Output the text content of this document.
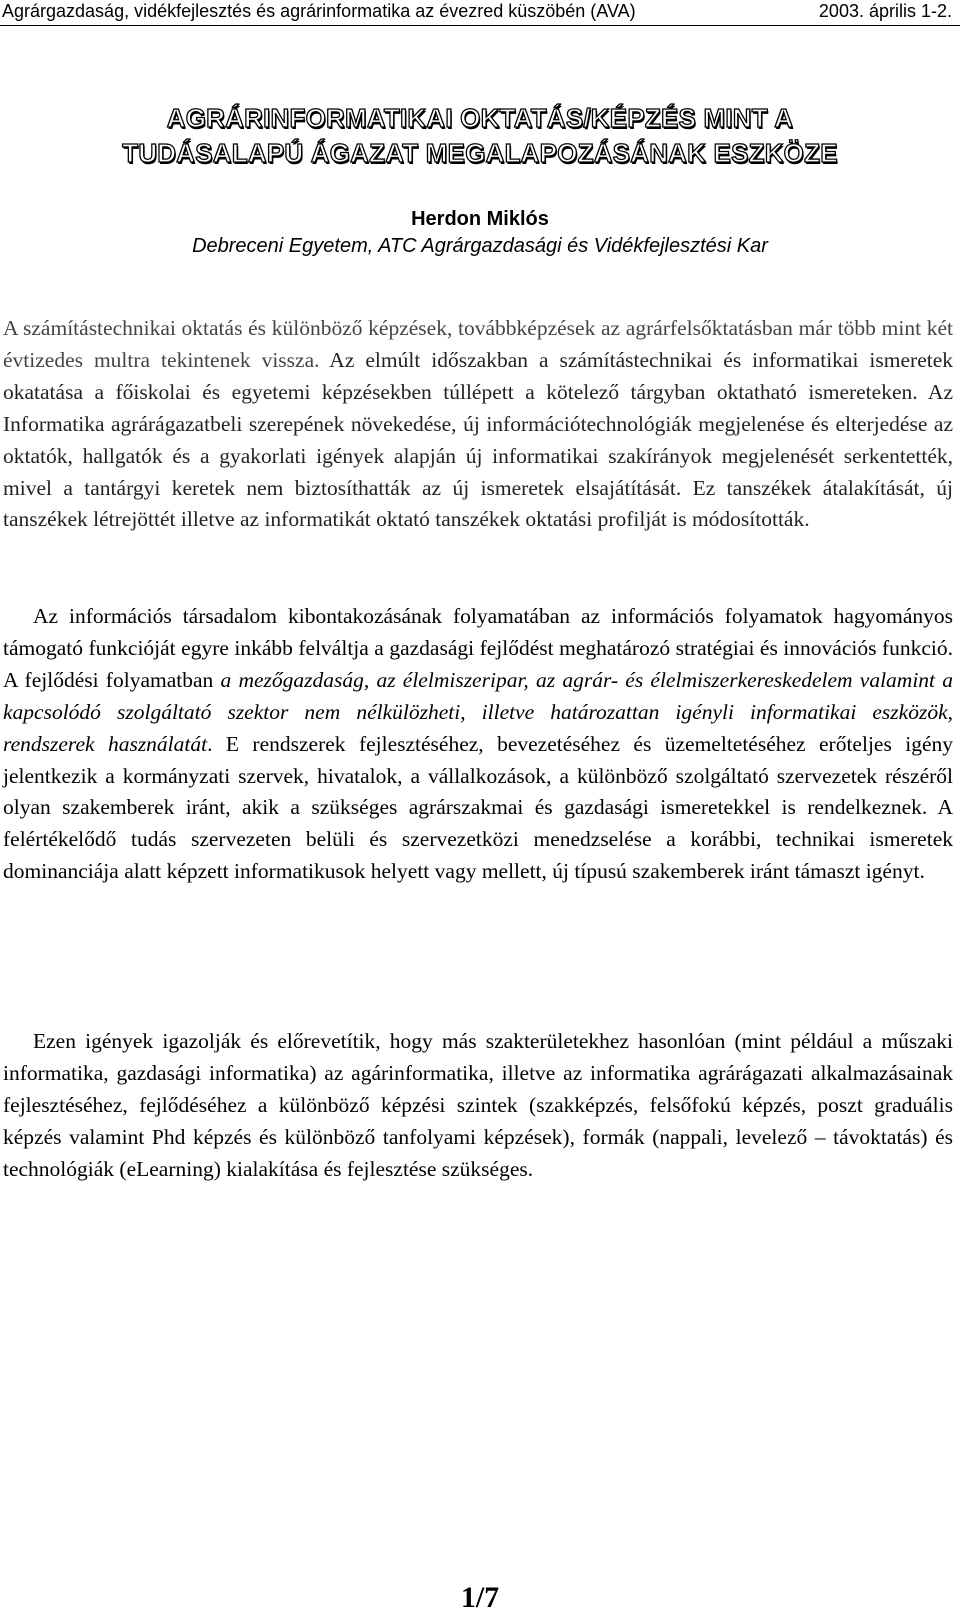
Agrárgazdaság, vidékfejlesztés és agrárinformatika az évezred küszöbén (AVA)	2003. április 1-2.
AGRÁRINFORMATIKAI OKTATÁS/KÉPZÉS MINT A
TUDÁSALAPÚ ÁGAZAT MEGALAPOZÁSÁNAK ESZKÖZE
Herdon Miklós
Debreceni Egyetem, ATC Agrárgazdasági és Vidékfejlesztési Kar

A számítástechnikai oktatás és különböző képzések, továbbképzések az agrárfelsőktatásban már több mint két évtizedes multra tekintenek vissza. Az elmúlt időszakban a számítástechnikai és informatikai ismeretek okatatása a főiskolai és egyetemi képzésekben túllépett a kötelező tárgyban oktatható ismereteken. Az Informatika agrárágazatbeli szerepének növekedése, új információtechnológiák megjelenése és elterjedése az oktatók, hallgatók és a gyakorlati igények alapján új informatikai szakírányok megjelenését serkentették, mivel a tantárgyi keretek nem biztosíthatták az új ismeretek elsajátítását. Ez tanszékek átalakítását, új tanszékek létrejöttét illetve az informatikát oktató tanszékek oktatási profilját is módosították.

Az információs társadalom kibontakozásának folyamatában az információs folyamatok hagyományos támogató funkcióját egyre inkább felváltja a gazdasági fejlődést meghatározó stratégiai és innovációs funkció. A fejlődési folyamatban a mezőgazdaság, az élelmiszeripar, az agrár- és élelmiszerkereskedelem valamint a kapcsolódó szolgáltató szektor nem nélkülözheti, illetve határozattan igényli informatikai eszközök, rendszerek használatát. E rendszerek fejlesztéséhez, bevezetéséhez és üzemeltetéséhez erőteljes igény jelentkezik a kormányzati szervek, hivatalok, a vállalkozások, a különböző szolgáltató szervezetek részéről olyan szakemberek iránt, akik a szükséges agrárszakmai és gazdasági ismeretekkel is rendelkeznek. A felértékelődő tudás szervezeten belüli és szervezetközi menedzselése a korábbi, technikai ismeretek dominanciája alatt képzett informatikusok helyett vagy mellett, új típusú szakemberek iránt támaszt igényt.

Ezen igények igazolják és előrevetítik, hogy más szakterületekhez hasonlóan (mint például a műszaki informatika, gazdasági informatika) az agárinformatika, illetve az informatika agrárágazati alkalmazásainak fejlesztéséhez, fejlődéséhez a különböző képzési szintek (szakképzés, felsőfokú képzés, poszt graduális képzés valamint Phd képzés és különböző tanfolyami képzések), formák (nappali, levelező – távoktatás) és technológiák (eLearning) kialakítása és fejlesztése szükséges.

1/7
